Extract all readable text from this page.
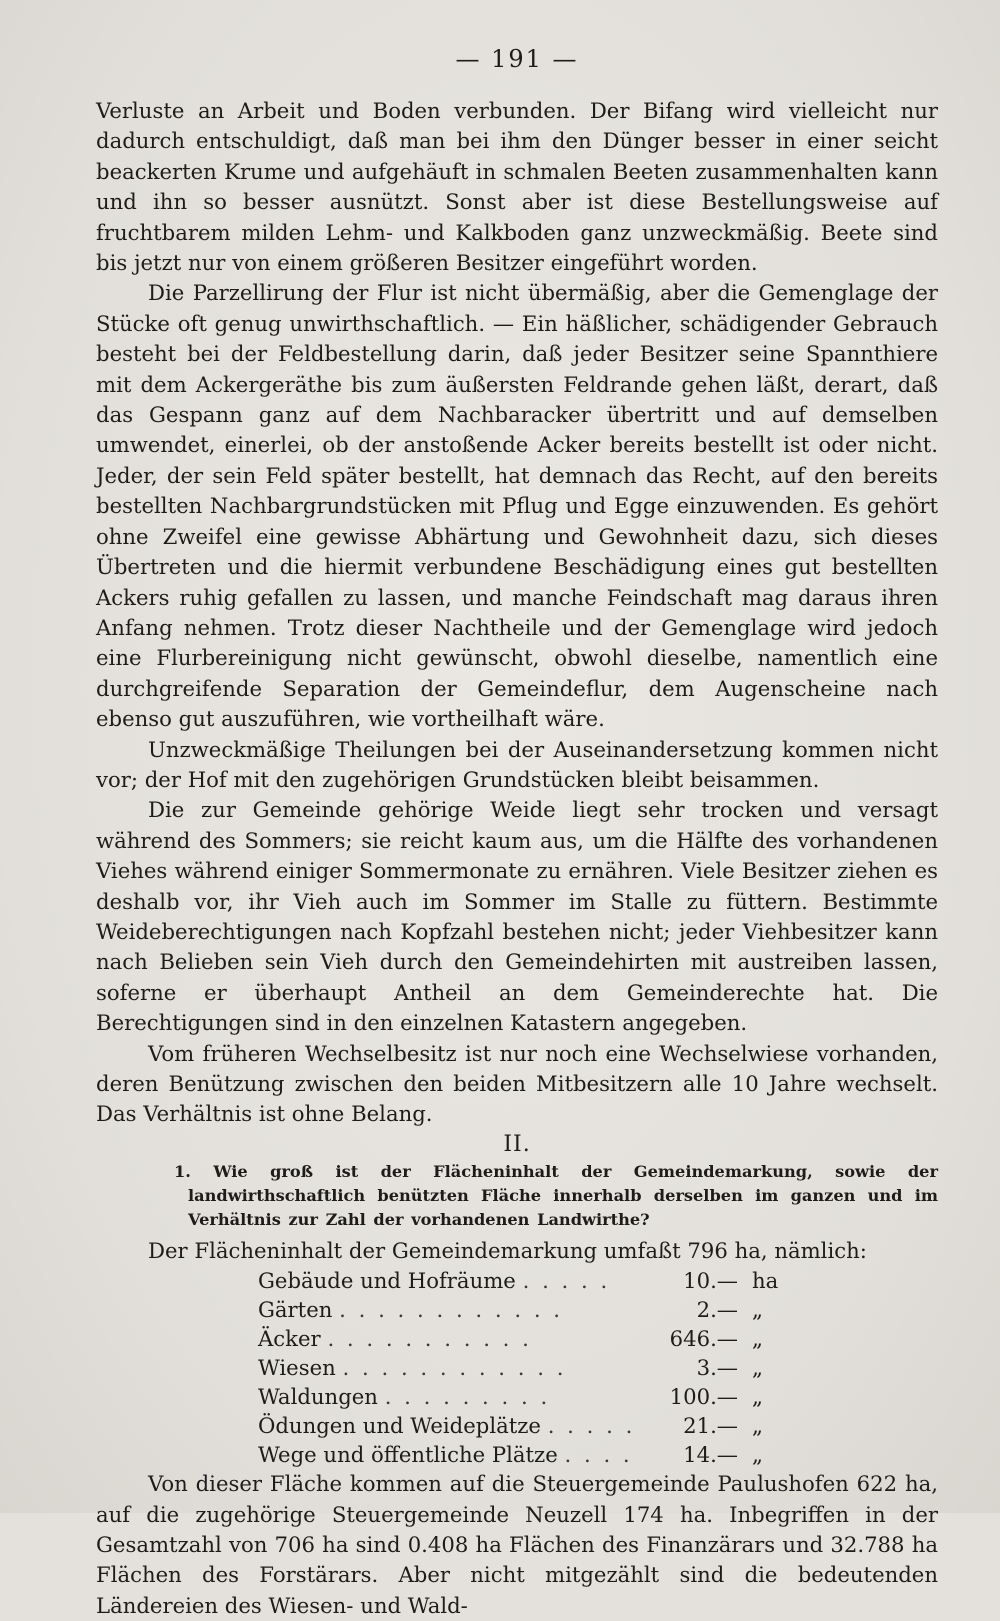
— 191 —

Verluste an Arbeit und Boden verbunden. Der Bifang wird vielleicht nur dadurch entschuldigt, daß man bei ihm den Dünger besser in einer seicht beackerten Krume und aufgehäuft in schmalen Beeten zusammenhalten kann und ihn so besser ausnützt. Sonst aber ist diese Bestellungsweise auf fruchtbarem milden Lehm- und Kalkboden ganz unzweckmäßig. Beete sind bis jetzt nur von einem größeren Besitzer eingeführt worden.

Die Parzellirung der Flur ist nicht übermäßig, aber die Gemenglage der Stücke oft genug unwirthschaftlich. — Ein häßlicher, schädigender Gebrauch besteht bei der Feldbestellung darin, daß jeder Besitzer seine Spannthiere mit dem Ackergeräthe bis zum äußersten Feldrande gehen läßt, derart, daß das Gespann ganz auf dem Nachbaracker übertritt und auf demselben umwendet, einerlei, ob der anstoßende Acker bereits bestellt ist oder nicht. Jeder, der sein Feld später bestellt, hat demnach das Recht, auf den bereits bestellten Nachbargrundstücken mit Pflug und Egge einzuwenden. Es gehört ohne Zweifel eine gewisse Abhärtung und Gewohnheit dazu, sich dieses Übertreten und die hiermit verbundene Beschädigung eines gut bestellten Ackers ruhig gefallen zu lassen, und manche Feindschaft mag daraus ihren Anfang nehmen. Trotz dieser Nachtheile und der Gemenglage wird jedoch eine Flurbereinigung nicht gewünscht, obwohl dieselbe, namentlich eine durchgreifende Separation der Gemeindeflur, dem Augenscheine nach ebenso gut auszuführen, wie vortheilhaft wäre.

Unzweckmäßige Theilungen bei der Auseinandersetzung kommen nicht vor; der Hof mit den zugehörigen Grundstücken bleibt beisammen.

Die zur Gemeinde gehörige Weide liegt sehr trocken und versagt während des Sommers; sie reicht kaum aus, um die Hälfte des vorhandenen Viehes während einiger Sommermonate zu ernähren. Viele Besitzer ziehen es deshalb vor, ihr Vieh auch im Sommer im Stalle zu füttern. Bestimmte Weideberechtigungen nach Kopfzahl bestehen nicht; jeder Viehbesitzer kann nach Belieben sein Vieh durch den Gemeindehirten mit austreiben lassen, soferne er überhaupt Antheil an dem Gemeinderechte hat. Die Berechtigungen sind in den einzelnen Katastern angegeben.

Vom früheren Wechselbesitz ist nur noch eine Wechselwiese vorhanden, deren Benützung zwischen den beiden Mitbesitzern alle 10 Jahre wechselt. Das Verhältnis ist ohne Belang.

II.

1. Wie groß ist der Flächeninhalt der Gemeindemarkung, sowie der landwirthschaftlich benützten Fläche innerhalb derselben im ganzen und im Verhältnis zur Zahl der vorhandenen Landwirthe?

Der Flächeninhalt der Gemeindemarkung umfaßt 796 ha, nämlich:

Gebäude und Hofräume . . . . .	10.—	ha
Gärten . . . . . . . . . . . .	2.—	„
Äcker . . . . . . . . . . .	646.—	„
Wiesen . . . . . . . . . . . .	3.—	„
Waldungen . . . . . . . . .	100.—	„
Ödungen und Weideplätze . . . . .	21.—	„
Wege und öffentliche Plätze . . . .	14.—	„

Von dieser Fläche kommen auf die Steuergemeinde Paulushofen 622 ha, auf die zugehörige Steuergemeinde Neuzell 174 ha. Inbegriffen in der Gesamtzahl von 706 ha sind 0.408 ha Flächen des Finanzärars und 32.788 ha Flächen des Forstärars. Aber nicht mitgezählt sind die bedeutenden Ländereien des Wiesen- und Wald-
